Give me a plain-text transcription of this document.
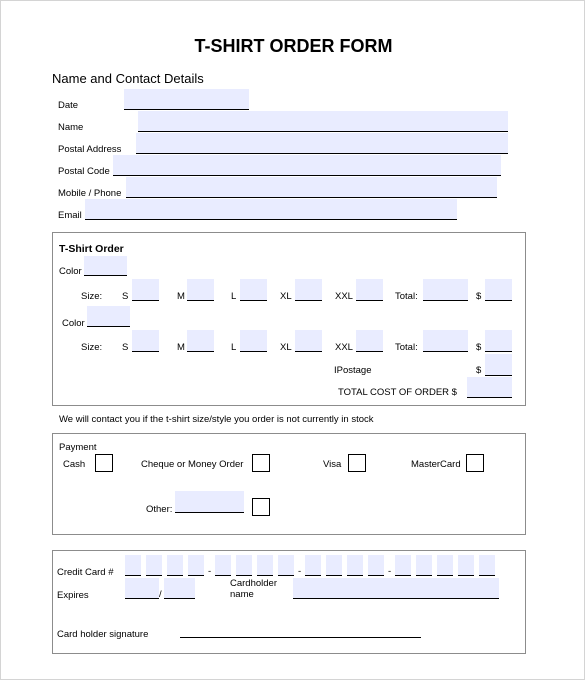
T-SHIRT ORDER FORM
Name and Contact Details
Date
Name
Postal Address
Postal Code
Mobile / Phone
Email
T-Shirt Order
Color
Size: S	M	L	XL	XXL	Total:	$
Color
Size: S	M	L	XL	XXL	Total:	$
IPostage	$
TOTAL COST OF ORDER $
We will contact you if the t-shirt size/style you order is not currently in stock
Payment
Cash	Cheque or Money Order	Visa	MasterCard
Other:
Credit Card #	-	-	-
Expires	/
Cardholder
name
Card holder signature
